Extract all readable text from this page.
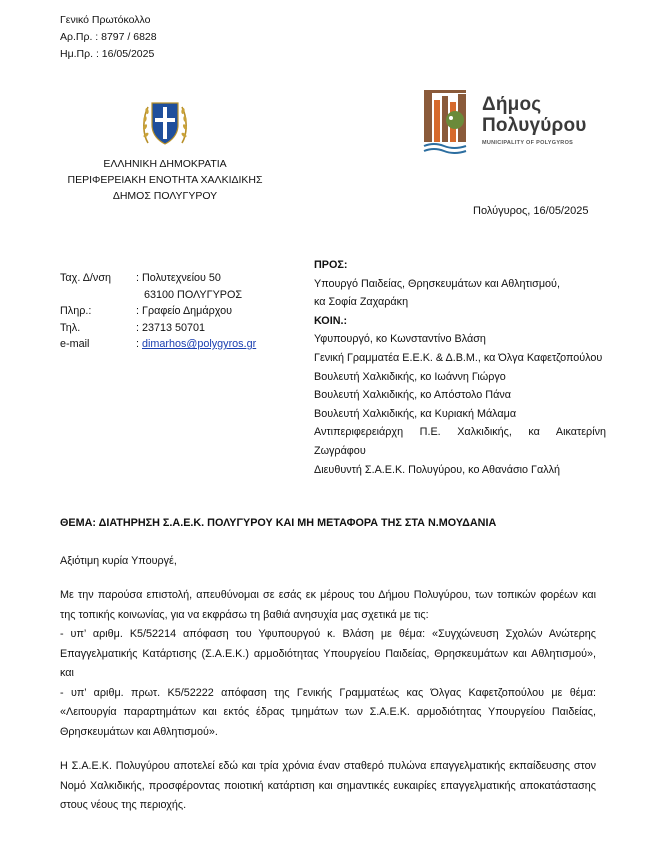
Γενικό Πρωτόκολλο
Αρ.Πρ. : 8797 / 6828
Ημ.Πρ. : 16/05/2025
ΕΛΛΗΝΙΚΗ ΔΗΜΟΚΡΑΤΙΑ
ΠΕΡΙΦΕΡΕΙΑΚΗ ΕΝΟΤΗΤΑ ΧΑΛΚΙΔΙΚΗΣ
ΔΗΜΟΣ ΠΟΛΥΓΥΡΟΥ
Δήμος
Πολυγύρου
MUNICIPALITY OF POLYGYROS
Πολύγυρος, 16/05/2025
Ταχ. Δ/νση	: Πολυτεχνείου 50
63100 ΠΟΛΥΓΥΡΟΣ
Πληρ.:	: Γραφείο Δημάρχου
Τηλ.	: 23713 50701
e-mail	: dimarhos@polygyros.gr
ΠΡΟΣ:
Υπουργό Παιδείας, Θρησκευμάτων και Αθλητισμού,
κα Σοφία Ζαχαράκη
ΚΟΙΝ.:
Υφυπουργό, κο Κωνσταντίνο Βλάση
Γενική Γραμματέα Ε.Ε.Κ. & Δ.Β.Μ., κα Όλγα Καφετζοπούλου
Βουλευτή Χαλκιδικής, κο Ιωάννη Γιώργο
Βουλευτή Χαλκιδικής, κο Απόστολο Πάνα
Βουλευτή Χαλκιδικής, κα Κυριακή Μάλαμα
Αντιπεριφερειάρχη Π.Ε. Χαλκιδικής, κα Αικατερίνη Ζωγράφου
Διευθυντή Σ.Α.Ε.Κ. Πολυγύρου, κο Αθανάσιο Γαλλή
ΘΕΜΑ: ΔΙΑΤΗΡΗΣΗ Σ.Α.Ε.Κ. ΠΟΛΥΓΥΡΟΥ ΚΑΙ ΜΗ ΜΕΤΑΦΟΡΑ ΤΗΣ ΣΤΑ Ν.ΜΟΥΔΑΝΙΑ
Αξιότιμη κυρία Υπουργέ,
Με την παρούσα επιστολή, απευθύνομαι σε εσάς εκ μέρους του Δήμου Πολυγύρου, των τοπικών φορέων και της τοπικής κοινωνίας, για να εκφράσω τη βαθιά ανησυχία μας σχετικά με τις:
- υπ’ αριθμ. Κ5/52214 απόφαση του Υφυπουργού κ. Βλάση με θέμα: «Συγχώνευση Σχολών Ανώτερης Επαγγελματικής Κατάρτισης (Σ.Α.Ε.Κ.) αρμοδιότητας Υπουργείου Παιδείας, Θρησκευμάτων και Αθλητισμού», και
- υπ’ αριθμ. πρωτ. Κ5/52222 απόφαση της Γενικής Γραμματέως κας Όλγας Καφετζοπούλου με θέμα: «Λειτουργία παραρτημάτων και εκτός έδρας τμημάτων των Σ.Α.Ε.Κ. αρμοδιότητας Υπουργείου Παιδείας, Θρησκευμάτων και Αθλητισμού».
Η Σ.Α.Ε.Κ. Πολυγύρου αποτελεί εδώ και τρία χρόνια έναν σταθερό πυλώνα επαγγελματικής εκπαίδευσης στον Νομό Χαλκιδικής, προσφέροντας ποιοτική κατάρτιση και σημαντικές ευκαιρίες επαγγελματικής αποκατάστασης στους νέους της περιοχής.
